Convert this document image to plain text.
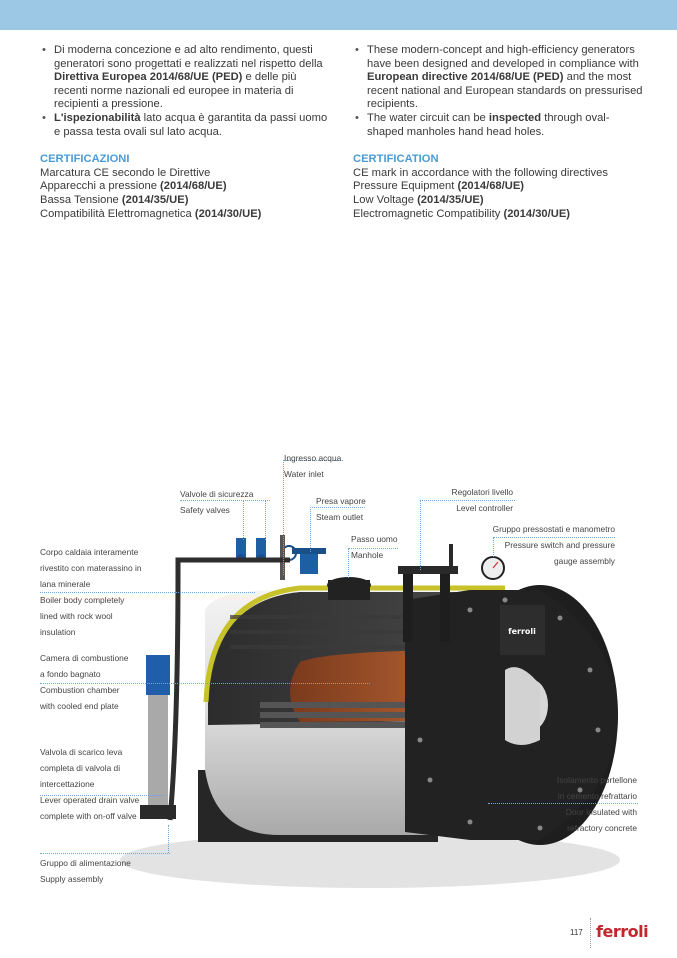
• Di moderna concezione e ad alto rendimento, questi generatori sono progettati e realizzati nel rispetto della Direttiva Europea 2014/68/UE (PED) e delle più recenti norme nazionali ed europee in materia di recipienti a pressione.
• L'ispezionabilità lato acqua è garantita da passi uomo e passa testa ovali sul lato acqua.
CERTIFICAZIONI
Marcatura CE secondo le Direttive
Apparecchi a pressione (2014/68/UE)
Bassa Tensione (2014/35/UE)
Compatibilità Elettromagnetica (2014/30/UE)
• These modern-concept and high-efficiency generators have been designed and developed in compliance with European directive 2014/68/UE (PED) and the most recent national and European standards on pressurised recipients.
• The water circuit can be inspected through oval-shaped manholes hand head holes.
CERTIFICATION
CE mark in accordance with the following directives
Pressure Equipment (2014/68/UE)
Low Voltage (2014/35/UE)
Electromagnetic Compatibility (2014/30/UE)
ferroli
Ingresso acqua
Water inlet
Valvole di sicurezza
Safety valves
Presa vapore
Steam outlet
Passo uomo
Manhole
Regolatori livello
Level controller
Gruppo pressostati e manometro
Pressure switch and pressure
gauge assembly
Corpo caldaia interamente
rivestito con materassino in
lana minerale
Boiler body completely
lined with rock wool
insulation
Camera di combustione
a fondo bagnato
Combustion chamber
with cooled end plate
Valvola di scarico leva
completa di valvola di
intercettazione
Lever operated drain valve
complete with on-off valve
Isolamento portellone
in cemento refrattario
Door insulated with
refractory concrete
Gruppo di alimentazione
Supply assembly
117 ferroli
